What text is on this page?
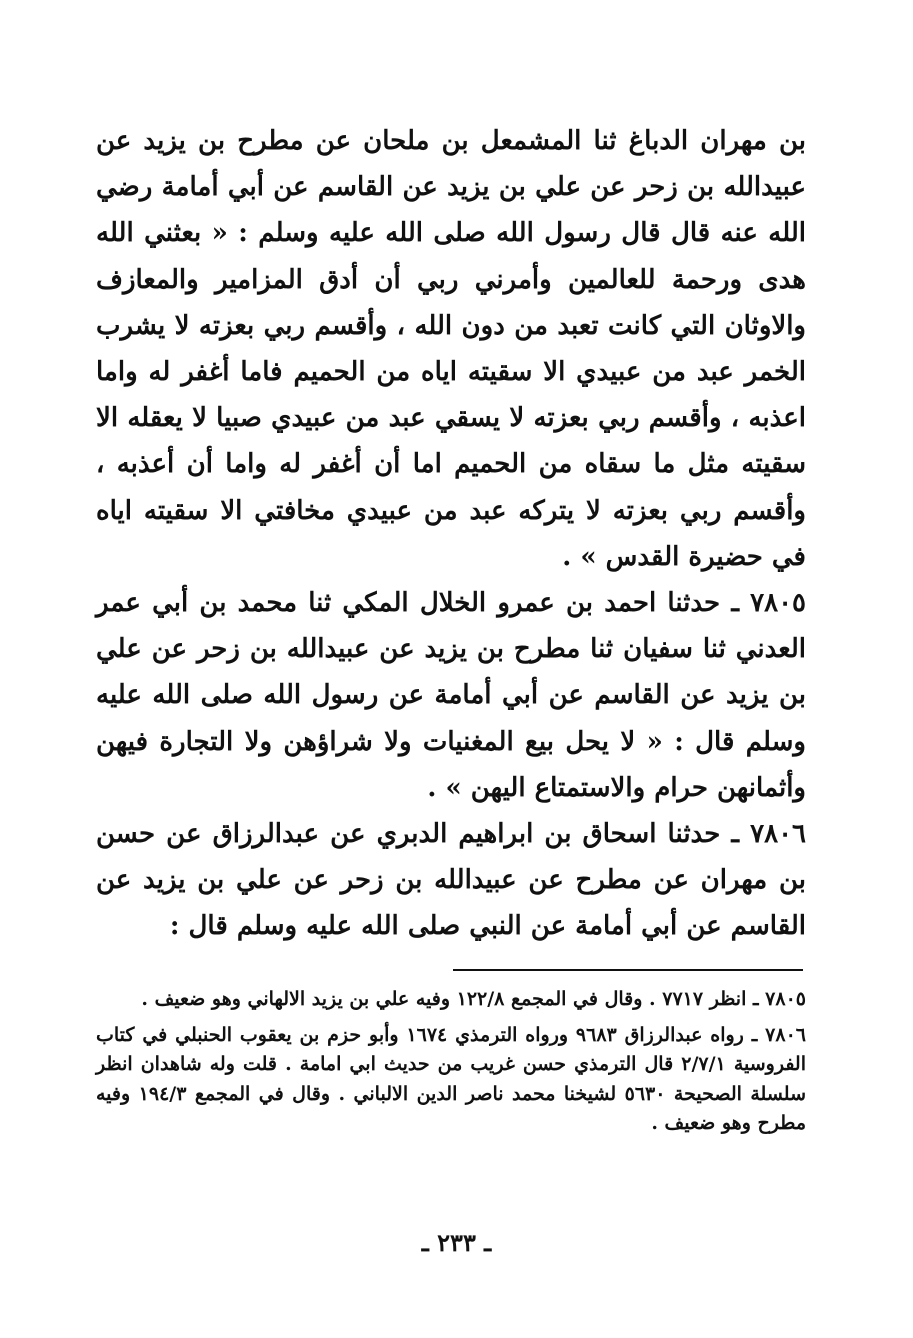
بن مهران الدباغ ثنا المشمعل بن ملحان عن مطرح بن يزيد عن عبيدالله بن زحر عن علي بن يزيد عن القاسم عن أبي أمامة رضي الله عنه قال قال رسول الله صلى الله عليه وسلم : « بعثني الله هدى ورحمة للعالمين وأمرني ربي أن أدق المزامير والمعازف والاوثان التي كانت تعبد من دون الله ، وأقسم ربي بعزته لا يشرب الخمر عبد من عبيدي الا سقيته اياه من الحميم فاما أغفر له واما اعذبه ، وأقسم ربي بعزته لا يسقي عبد من عبيدي صبيا لا يعقله الا سقيته مثل ما سقاه من الحميم اما أن أغفر له واما أن أعذبه ، وأقسم ربي بعزته لا يتركه عبد من عبيدي مخافتي الا سقيته اياه في حضيرة القدس » .

٧٨٠٥ ـ حدثنا احمد بن عمرو الخلال المكي ثنا محمد بن أبي عمر العدني ثنا سفيان ثنا مطرح بن يزيد عن عبيدالله بن زحر عن علي بن يزيد عن القاسم عن أبي أمامة عن رسول الله صلى الله عليه وسلم قال : « لا يحل بيع المغنيات ولا شراؤهن ولا التجارة فيهن وأثمانهن حرام والاستمتاع اليهن » .

٧٨٠٦ ـ حدثنا اسحاق بن ابراهيم الدبري عن عبدالرزاق عن حسن بن مهران عن مطرح عن عبيدالله بن زحر عن علي بن يزيد عن القاسم عن أبي أمامة عن النبي صلى الله عليه وسلم قال :

٧٨٠٥ ـ انظر ٧٧١٧ . وقال في المجمع ١٢٢/٨ وفيه علي بن يزيد الالهاني وهو ضعيف .

٧٨٠٦ ـ رواه عبدالرزاق ٩٦٨٣ ورواه الترمذي ١٦٧٤ وأبو حزم بن يعقوب الحنبلي في كتاب الفروسية ٢/٧/١ قال الترمذي حسن غريب من حديث ابي امامة . قلت وله شاهدان انظر سلسلة الصحيحة ٥٦٣٠ لشيخنا محمد ناصر الدين الالباني . وقال في المجمع ١٩٤/٣ وفيه مطرح وهو ضعيف .

ـ ٢٣٣ ـ
